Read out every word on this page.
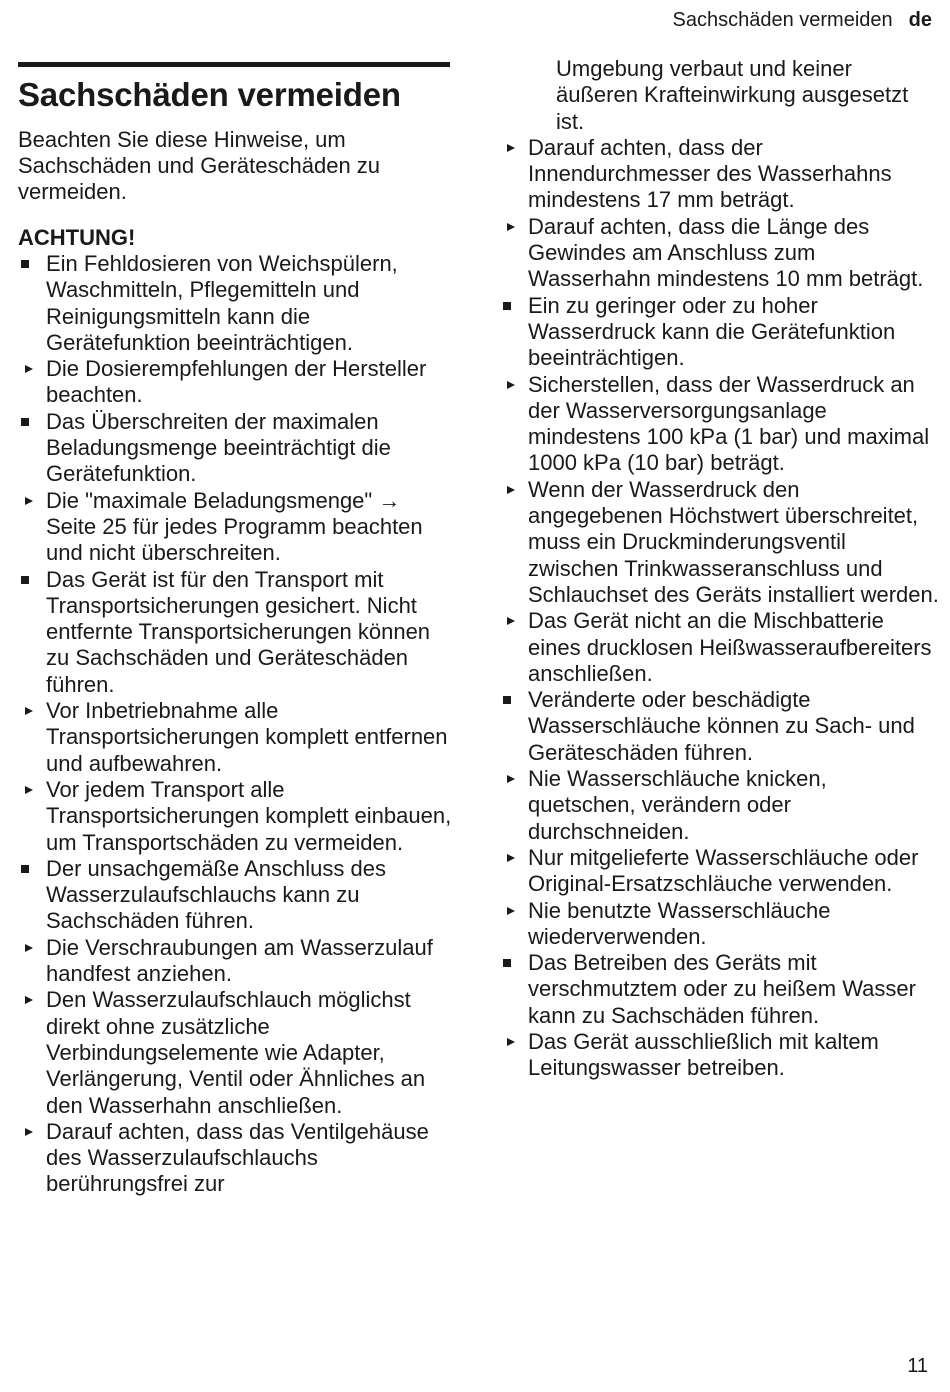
Sachschäden vermeiden de
Sachschäden vermeiden

Beachten Sie diese Hinweise, um Sachschäden und Geräteschäden zu vermeiden.

ACHTUNG!

Ein Fehldosieren von Weichspülern, Waschmitteln, Pflegemitteln und Reinigungsmitteln kann die Gerätefunktion beeinträchtigen.
Die Dosierempfehlungen der Hersteller beachten.
Das Überschreiten der maximalen Beladungsmenge beeinträchtigt die Gerätefunktion.
Die "maximale Beladungsmenge" → Seite 25 für jedes Programm beachten und nicht überschreiten.
Das Gerät ist für den Transport mit Transportsicherungen gesichert. Nicht entfernte Transportsicherungen können zu Sachschäden und Geräteschäden führen.
Vor Inbetriebnahme alle Transportsicherungen komplett entfernen und aufbewahren.
Vor jedem Transport alle Transportsicherungen komplett einbauen, um Transportschäden zu vermeiden.
Der unsachgemäße Anschluss des Wasserzulaufschlauchs kann zu Sachschäden führen.
Die Verschraubungen am Wasserzulauf handfest anziehen.
Den Wasserzulaufschlauch möglichst direkt ohne zusätzliche Verbindungselemente wie Adapter, Verlängerung, Ventil oder Ähnliches an den Wasserhahn anschließen.
Darauf achten, dass das Ventilgehäuse des Wasserzulaufschlauchs berührungsfrei zur
Umgebung verbaut und keiner äußeren Krafteinwirkung ausgesetzt ist.
Darauf achten, dass der Innendurchmesser des Wasserhahns mindestens 17 mm beträgt.
Darauf achten, dass die Länge des Gewindes am Anschluss zum Wasserhahn mindestens 10 mm beträgt.
Ein zu geringer oder zu hoher Wasserdruck kann die Gerätefunktion beeinträchtigen.
Sicherstellen, dass der Wasserdruck an der Wasserversorgungsanlage mindestens 100 kPa (1 bar) und maximal 1000 kPa (10 bar) beträgt.
Wenn der Wasserdruck den angegebenen Höchstwert überschreitet, muss ein Druckminderungsventil zwischen Trinkwasseranschluss und Schlauchset des Geräts installiert werden.
Das Gerät nicht an die Mischbatterie eines drucklosen Heißwasseraufbereiters anschließen.
Veränderte oder beschädigte Wasserschläuche können zu Sach- und Geräteschäden führen.
Nie Wasserschläuche knicken, quetschen, verändern oder durchschneiden.
Nur mitgelieferte Wasserschläuche oder Original-Ersatzschläuche verwenden.
Nie benutzte Wasserschläuche wiederverwenden.
Das Betreiben des Geräts mit verschmutztem oder zu heißem Wasser kann zu Sachschäden führen.
Das Gerät ausschließlich mit kaltem Leitungswasser betreiben.
11
